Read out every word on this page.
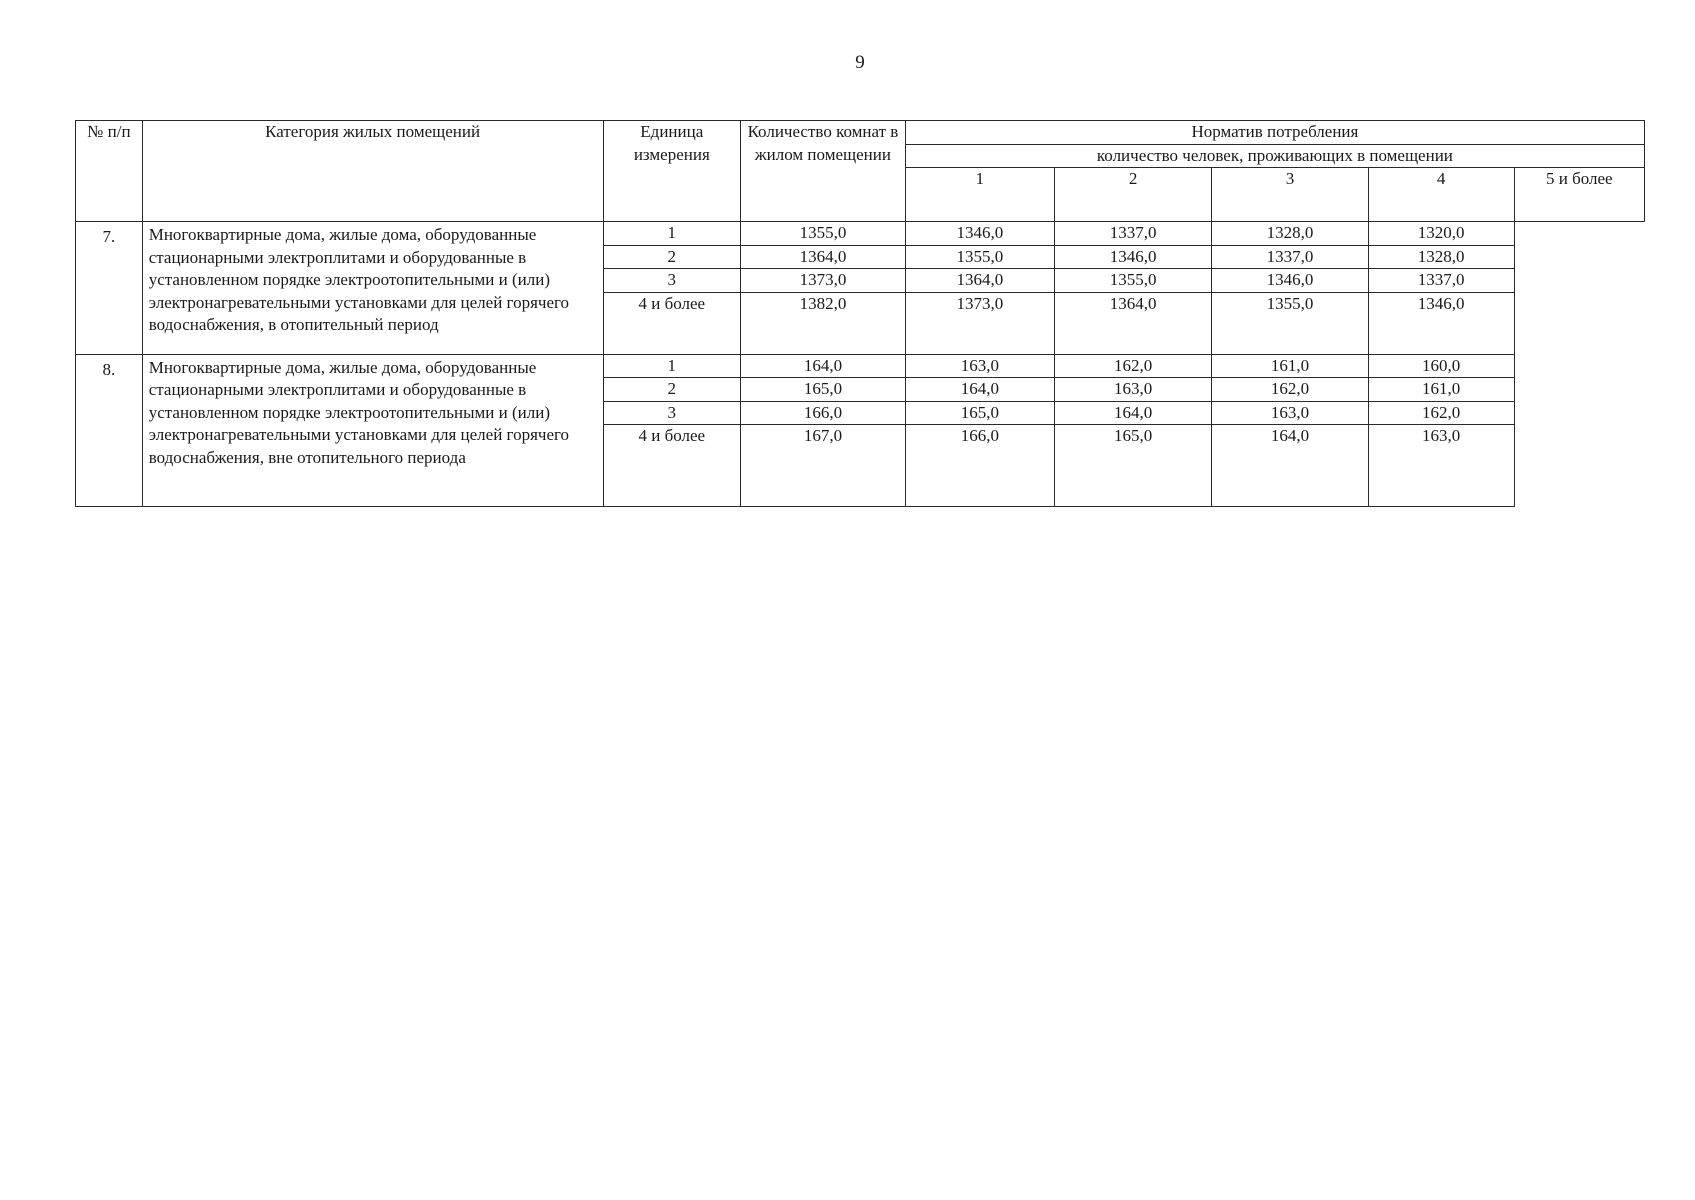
9
№ п/п	Категория жилых помещений	Единица измерения	Количество комнат в жилом помещении	Норматив потребления				
				количество человек, проживающих в помещении				
				1	2	3	4	5 и более
7.	Многоквартирные дома, жилые дома, оборудованные стационарными электроплитами и оборудованные в установленном порядке электроотопительными и (или) электронагревательными установками для целей горячего водоснабжения, в отопительный период	1	1355,0	1346,0	1337,0	1328,0	1320,0	
		2	1364,0	1355,0	1346,0	1337,0	1328,0	
		3	1373,0	1364,0	1355,0	1346,0	1337,0	
		4 и более	1382,0	1373,0	1364,0	1355,0	1346,0	
8.	Многоквартирные дома, жилые дома, оборудованные стационарными электроплитами и оборудованные в установленном порядке электроотопительными и (или) электронагревательными установками для целей горячего водоснабжения, вне отопительного периода	1	164,0	163,0	162,0	161,0	160,0	
		2	165,0	164,0	163,0	162,0	161,0	
		3	166,0	165,0	164,0	163,0	162,0	
		4 и более	167,0	166,0	165,0	164,0	163,0	
